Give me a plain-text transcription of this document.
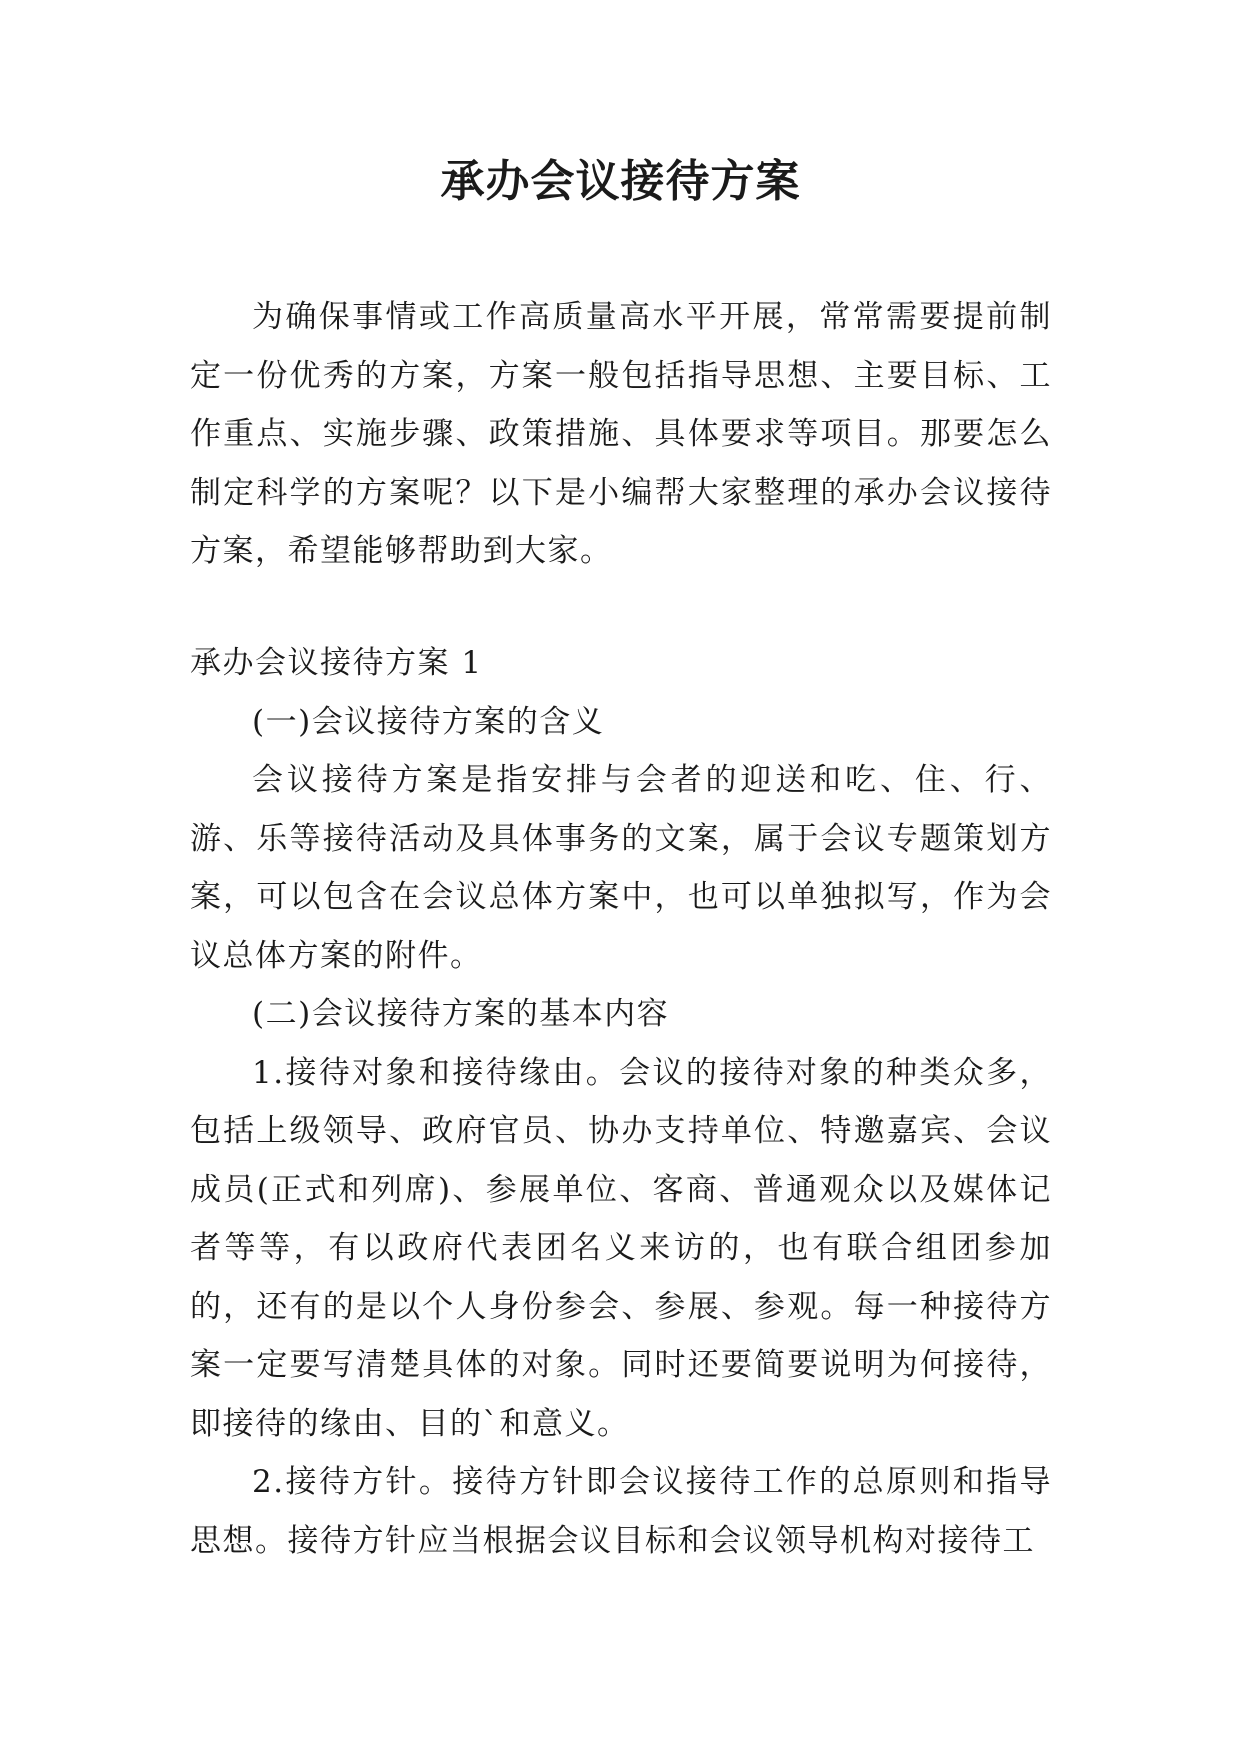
承办会议接待方案

为确保事情或工作高质量高水平开展，常常需要提前制定一份优秀的方案，方案一般包括指导思想、主要目标、工作重点、实施步骤、政策措施、具体要求等项目。那要怎么制定科学的方案呢？以下是小编帮大家整理的承办会议接待方案，希望能够帮助到大家。

承办会议接待方案 1

(一)会议接待方案的含义

会议接待方案是指安排与会者的迎送和吃、住、行、游、乐等接待活动及具体事务的文案，属于会议专题策划方案，可以包含在会议总体方案中，也可以单独拟写，作为会议总体方案的附件。

(二)会议接待方案的基本内容

1.接待对象和接待缘由。会议的接待对象的种类众多，包括上级领导、政府官员、协办支持单位、特邀嘉宾、会议成员(正式和列席)、参展单位、客商、普通观众以及媒体记者等等，有以政府代表团名义来访的，也有联合组团参加的，还有的是以个人身份参会、参展、参观。每一种接待方案一定要写清楚具体的对象。同时还要简要说明为何接待，即接待的缘由、目的`和意义。

2.接待方针。接待方针即会议接待工作的总原则和指导思想。接待方针应当根据会议目标和会议领导机构对接待工
